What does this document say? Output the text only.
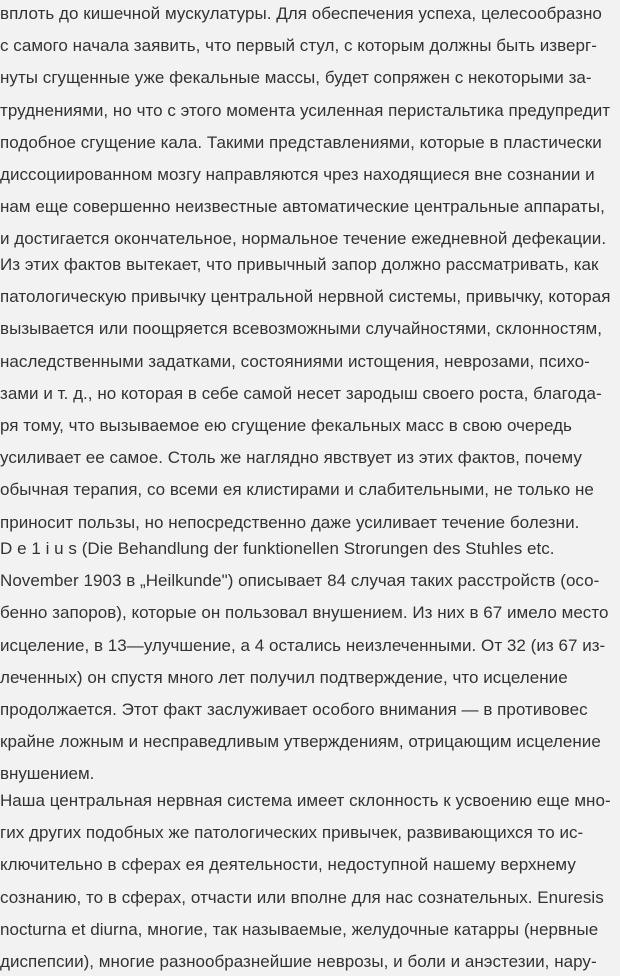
вплоть до кишечной мускулатуры. Для обеспечения успеха, целесообразно
с самого начала заявить, что первый стул, с которым должны быть изверг-
нуты сгущенные уже фекальные массы, будет сопряжен с некоторыми за-
труднениями, но что с этого момента усиленная перистальтика предупредит
подобное сгущение кала. Такими представлениями, которые в пластически
диссоциированном мозгу направляются чрез находящиеся вне сознании и
нам еще совершенно неизвестные автоматические центральные аппараты,
и достигается окончательное, нормальное течение ежедневной дефекации.
Из этих фактов вытекает, что привычный запор должно рассматривать, как
патологическую привычку центральной нервной системы, привычку, которая
вызывается или поощряется всевозможными случайностями, склонностям,
наследственными задатками, состояниями истощения, неврозами, психо-
зами и т. д., но которая в себе самой несет зародыш своего роста, благода-
ря тому, что вызываемое ею сгущение фекальных масс в свою очередь
усиливает ее самое. Столь же наглядно явствует из этих фактов, почему
обычная терапия, со всеми ея клистирами и слабительными, не только не
приносит пользы, но непосредственно даже усиливает течение болезни.
D e 1 i u s (Die Behandlung der funktionellen Strorungen des Stuhles etc.
November 1903 в „Heilkunde") описывает 84 случая таких расстройств (осо-
бенно запоров), которые он пользовал внушением. Из них в 67 имело место
исцеление, в 13—улучшение, а 4 остались неизлеченными. От 32 (из 67 из-
леченных) он спустя много лет получил подтверждение, что исцеление
продолжается. Этот факт заслуживает особого внимания — в противовес
крайне ложным и несправедливым утверждениям, отрицающим исцеление
внушением.
Наша центральная нервная система имеет склонность к усвоению еще мно-
гих других подобных же патологических привычек, развивающихся то ис-
ключительно в сферах ея деятельности, недоступной нашему верхнему
сознанию, то в сферах, отчасти или вполне для нас сознательных. Enuresis
nocturna et diurna, многие, так называемые, желудочные катарры (нервные
диспепсии), многие разнообразнейшие неврозы, и боли и анэстезии, нару-
